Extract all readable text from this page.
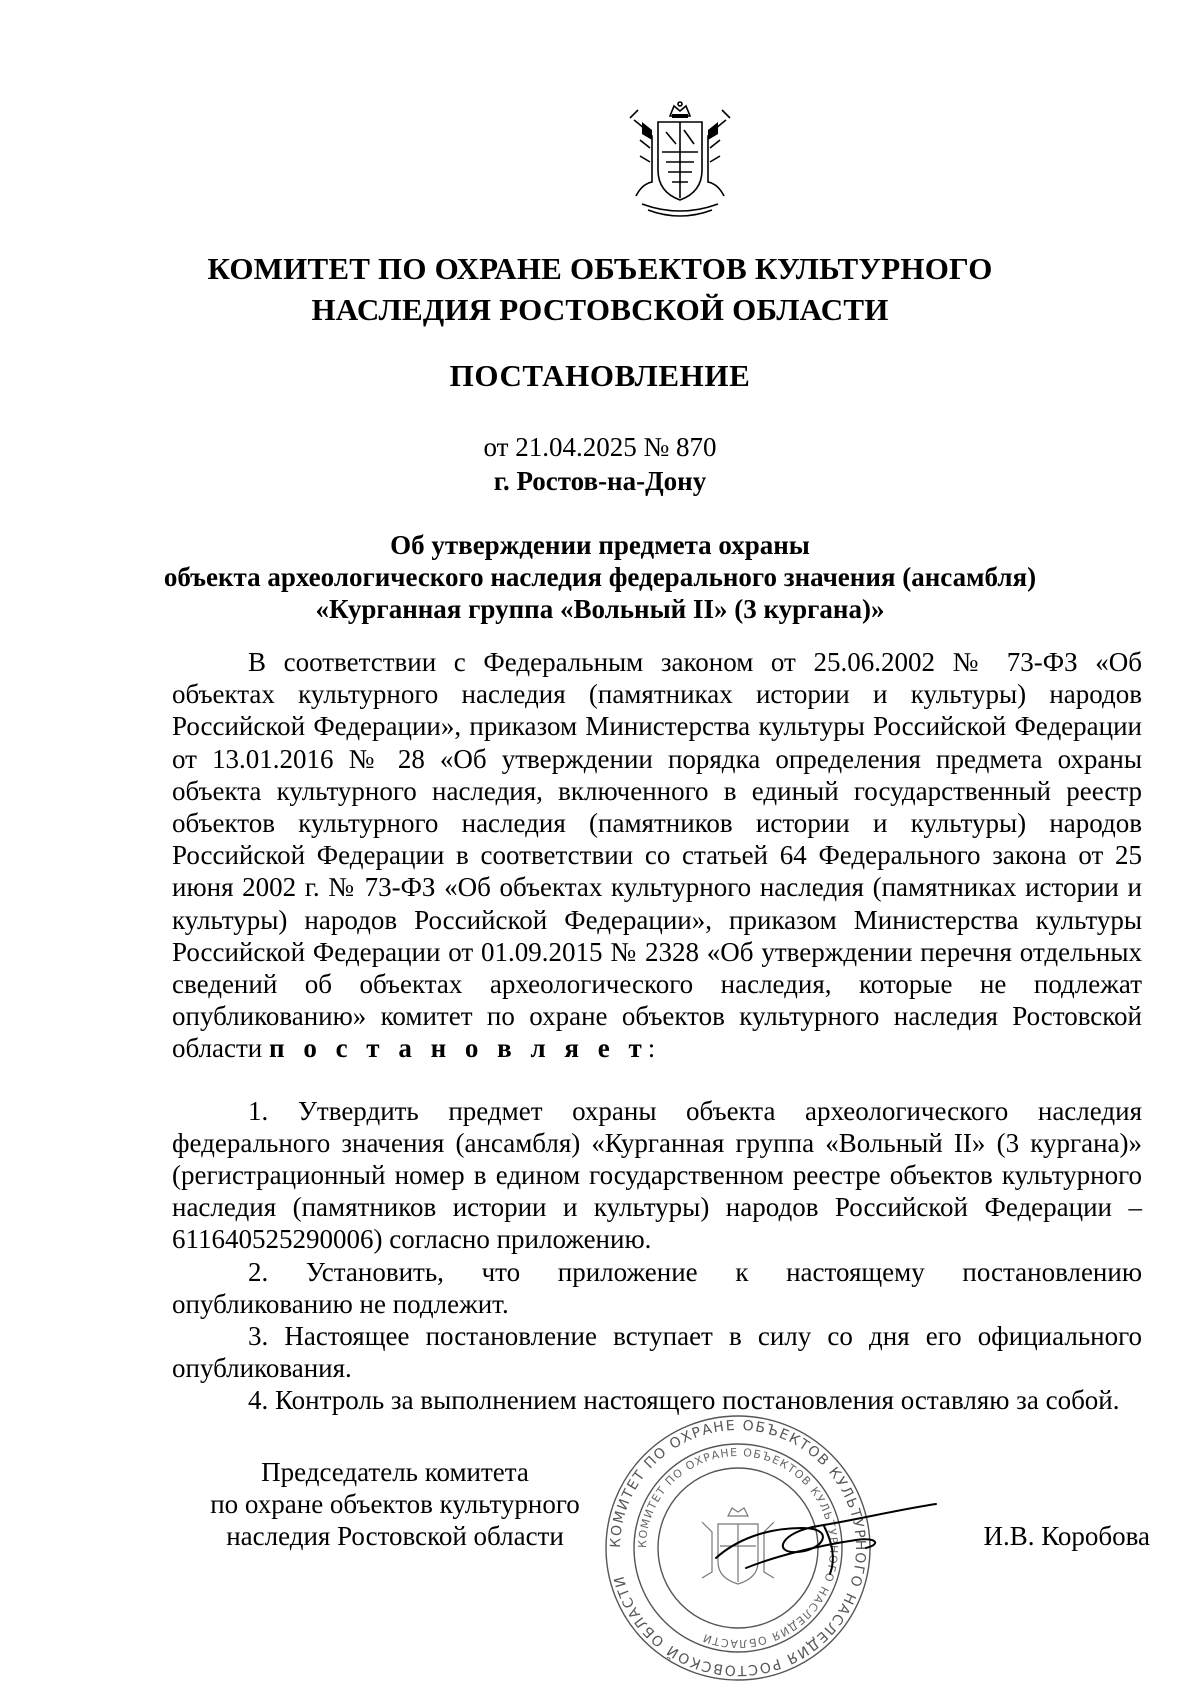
КОМИТЕТ ПО ОХРАНЕ ОБЪЕКТОВ КУЛЬТУРНОГО
НАСЛЕДИЯ РОСТОВСКОЙ ОБЛАСТИ
ПОСТАНОВЛЕНИЕ
от 21.04.2025 № 870
г. Ростов-на-Дону
Об утверждении предмета охраны
объекта археологического наследия федерального значения (ансамбля)
«Курганная группа «Вольный II» (3 кургана)»

В соответствии с Федеральным законом от 25.06.2002 № 73-ФЗ «Об объектах культурного наследия (памятниках истории и культуры) народов Российской Федерации», приказом Министерства культуры Российской Федерации от 13.01.2016 № 28 «Об утверждении порядка определения предмета охраны объекта культурного наследия, включенного в единый государственный реестр объектов культурного наследия (памятников истории и культуры) народов Российской Федерации в соответствии со статьей 64 Федерального закона от 25 июня 2002 г. № 73-ФЗ «Об объектах культурного наследия (памятниках истории и культуры) народов Российской Федерации», приказом Министерства культуры Российской Федерации от 01.09.2015 № 2328 «Об утверждении перечня отдельных сведений об объектах археологического наследия, которые не подлежат опубликованию» комитет по охране объектов культурного наследия Ростовской области п о с т а н о в л я е т:

1. Утвердить предмет охраны объекта археологического наследия федерального значения (ансамбля) «Курганная группа «Вольный II» (3 кургана)» (регистрационный номер в едином государственном реестре объектов культурного наследия (памятников истории и культуры) народов Российской Федерации – 611640525290006) согласно приложению.

2. Установить, что приложение к настоящему постановлению опубликованию не подлежит.

3. Настоящее постановление вступает в силу со дня его официального опубликования.

4. Контроль за выполнением настоящего постановления оставляю за собой.

Председатель комитета
по охране объектов культурного
наследия Ростовской области	КОМИТЕТ ПО ОХРАНЕ ОБЪЕКТОВ КУЛЬТУРНОГО НАСЛЕДИЯ РОСТОВСКОЙ ОБЛАСТИ
КОМИТЕТ ПО ОХРАНЕ ОБЪЕКТОВ КУЛЬТУРНОГО НАСЛЕДИЯ ОБЛАСТИ
И.В. Коробова
